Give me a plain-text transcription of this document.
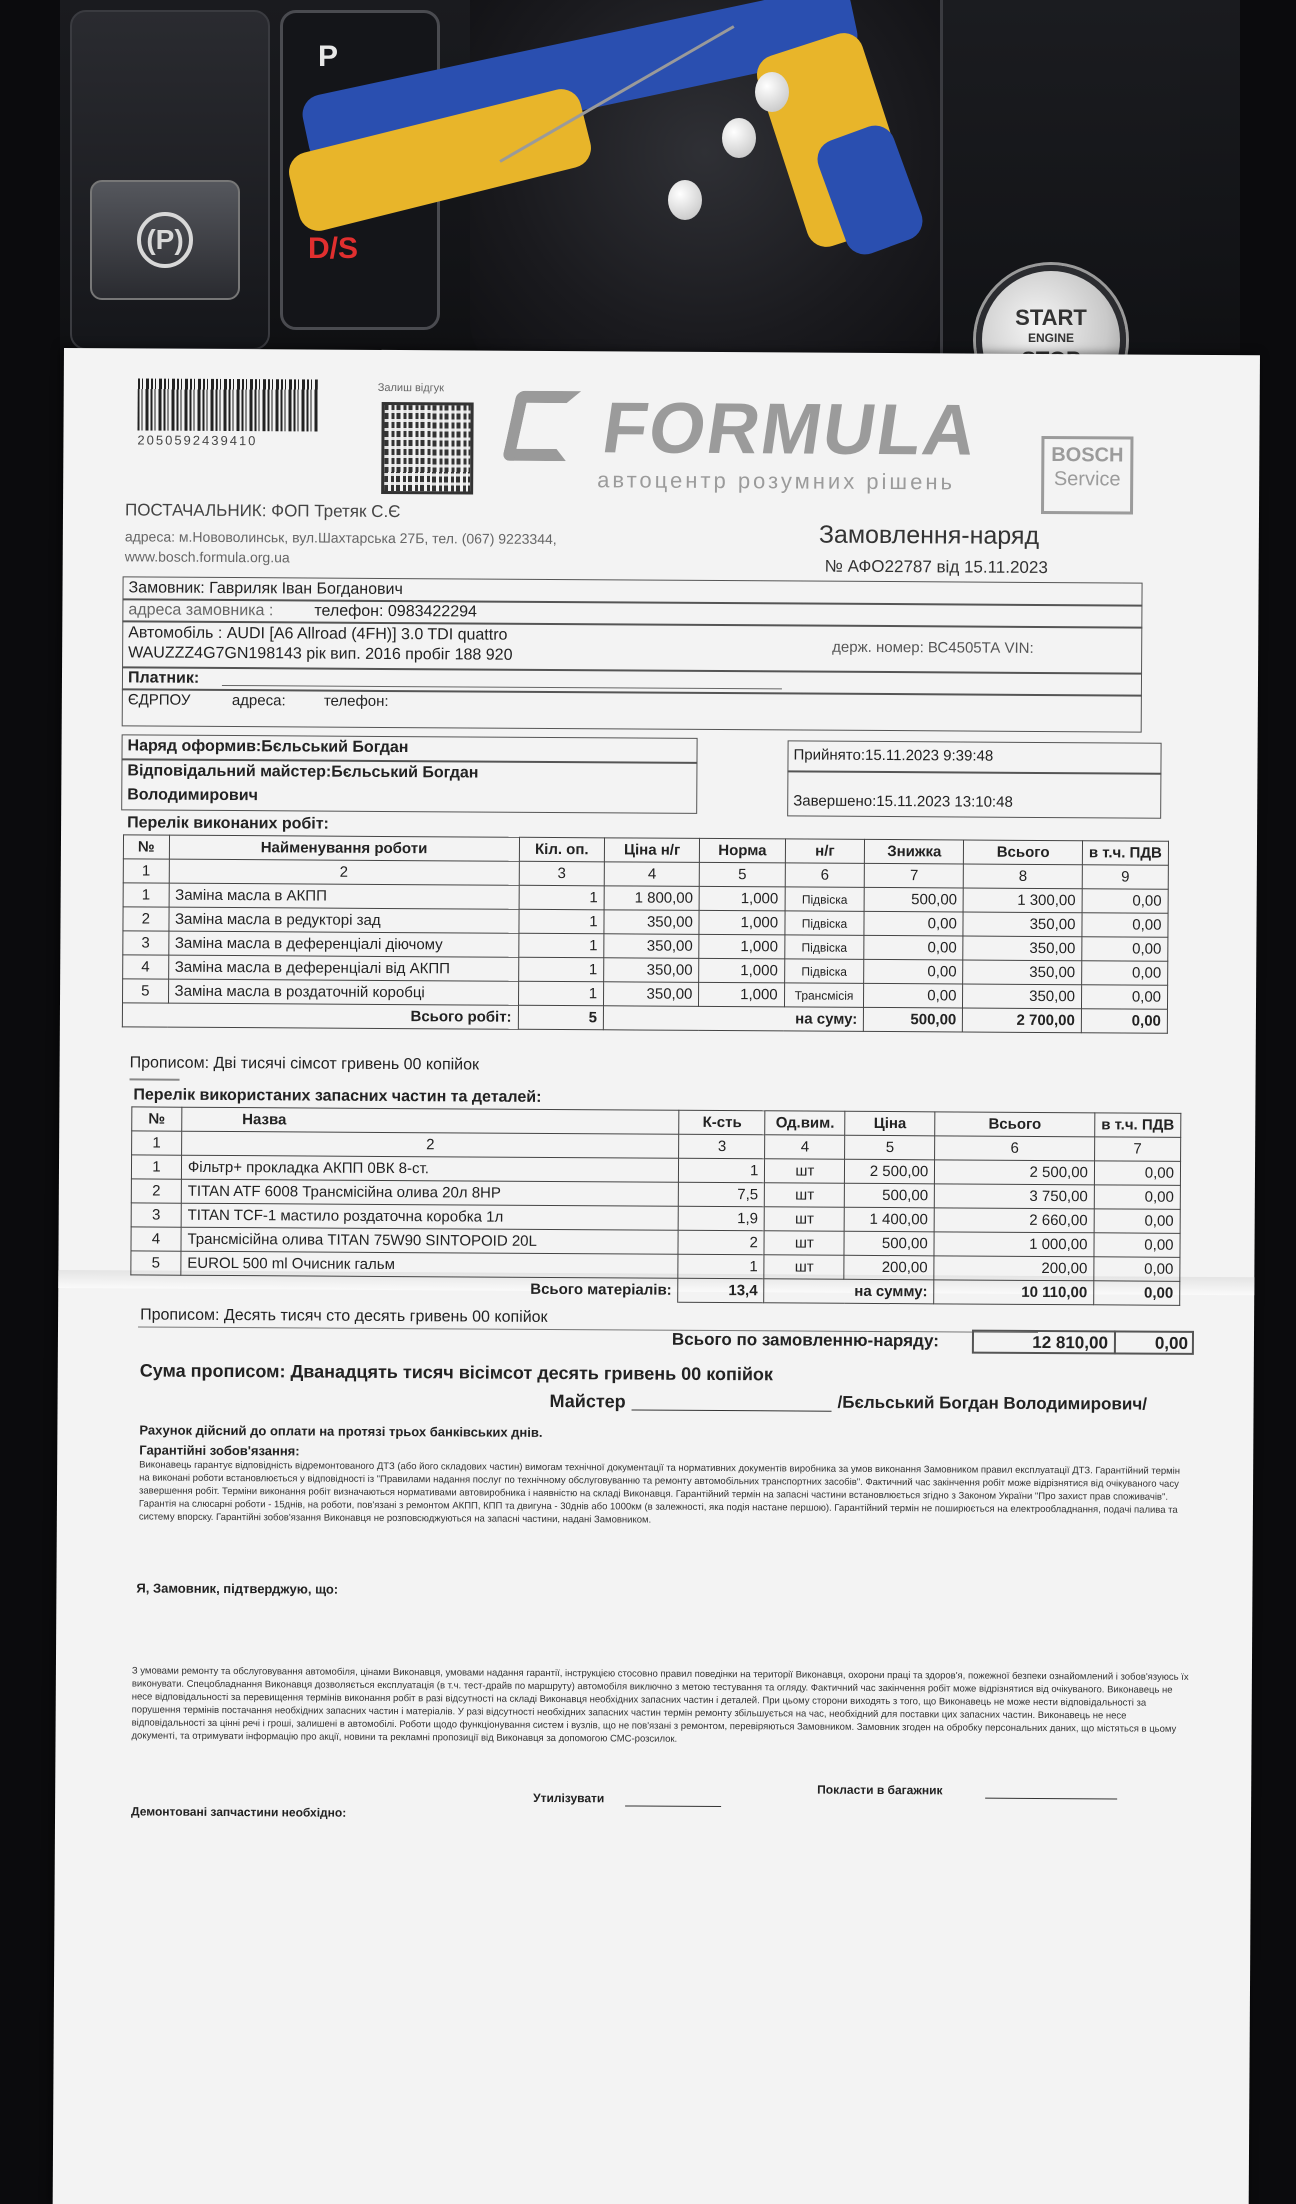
(P)
P
D/S
START
ENGINE
2050592439410
Залиш відгук
FORMULA
автоцентр розумних рішень
BOSCH
Service
ПОСТАЧАЛЬНИК: ФОП Третяк С.Є
адреса: м.Нововолинськ, вул.Шахтарська 27Б, тел. (067) 9223344,
www.bosch.formula.org.ua
Замовлення-наряд
№ АФО22787 від 15.11.2023
Замовник: Гавриляк Іван Богданович
адреса замовника :	телефон: 0983422294
Автомобіль : AUDI [A6 Allroad (4FH)] 3.0 TDI quattro
WAUZZZ4G7GN198143 рік вип. 2016 пробіг 188 920	держ. номер: ВС4505ТА VIN:
Платник:
ЄДРПОУ	адреса:	телефон:
Наряд оформив:Бєльський Богдан
Відповідальний майстер:Бєльський Богдан
Володимирович
Прийнято:15.11.2023 9:39:48
Завершено:15.11.2023 13:10:48
Перелік виконаних робіт:
№	Найменування роботи	Кіл. оп.	Ціна н/г	Норма	н/г	Знижка	Всього	в т.ч. ПДВ
1	2	3	4	5	6	7	8	9
1	Заміна масла в АКПП	1	1 800,00	1,000	Підвіска	500,00	1 300,00	0,00
2	Заміна масла в редукторі зад	1	350,00	1,000	Підвіска	0,00	350,00	0,00
3	Заміна масла в деференціалі діючому	1	350,00	1,000	Підвіска	0,00	350,00	0,00
4	Заміна масла в деференціалі від АКПП	1	350,00	1,000	Підвіска	0,00	350,00	0,00
5	Заміна масла в роздаточній коробці	1	350,00	1,000	Трансмісія	0,00	350,00	0,00
Всього робіт:		5	на суму:			500,00	2 700,00	0,00
Прописом: Дві тисячі сімсот гривень 00 копійок
Перелік використаних запасних частин та деталей:
№	Назва	К-сть	Од.вим.	Ціна	Всього	в т.ч. ПДВ
1	2	3	4	5	6	7
1	Фільтр+ прокладка АКПП 0ВК 8-ст.	1	шт	2 500,00	2 500,00	0,00
2	TITAN ATF 6008 Трансмісійна олива 20л 8HP	7,5	шт	500,00	3 750,00	0,00
3	TITAN TCF-1 мастило роздаточна коробка 1л	1,9	шт	1 400,00	2 660,00	0,00
4	Трансмісійна олива TITAN 75W90 SINTOPOID 20L	2	шт	500,00	1 000,00	0,00
5	EUROL 500 ml Очисник гальм	1	шт	200,00	200,00	0,00
Всього матеріалів:		13,4	на сумму:		10 110,00	0,00
Прописом: Десять тисяч сто десять гривень 00 копійок
Всього по замовленню-наряду:	12 810,00	0,00
Сума прописом: Дванадцять тисяч вісімсот десять гривень 00 копійок
Майстер	/Бєльський Богдан Володимирович/
Рахунок дійсний до оплати на протязі трьох банківських днів.
Гарантійні зобов'язання:
Виконавець гарантує відповідність відремонтованого ДТЗ (або його складових частин) вимогам технічної документації та нормативних документів виробника за умов виконання Замовником правил експлуатації ДТЗ. Гарантійний термін на виконані роботи встановлюється у відповідності із "Правилами надання послуг по технічному обслуговуванню та ремонту автомобільних транспортних засобів". Фактичний час закінчення робіт може відрізнятися від очікуваного часу завершення робіт. Терміни виконання робіт визначаються нормативами автовиробника і наявністю на складі Виконавця. Гарантійний термін на запасні частини встановлюється згідно з Законом України "Про захист прав споживачів". Гарантія на слюсарні роботи - 15днів, на роботи, пов'язані з ремонтом АКПП, КПП та двигуна - 30днів або 1000км (в залежності, яка подія настане першою). Гарантійний термін не поширюється на електрообладнання, подачі палива та систему впорску. Гарантійні зобов'язання Виконавця не розповсюджуються на запасні частини, надані Замовником.
Я, Замовник, підтверджую, що:
З умовами ремонту та обслуговування автомобіля, цінами Виконавця, умовами надання гарантії, інструкцією стосовно правил поведінки на території Виконавця, охорони праці та здоров'я, пожежної безпеки ознайомлений і зобов'язуюсь їх виконувати. Спецобладнання Виконавця дозволяється експлуатація (в т.ч. тест-драйв по маршруту) автомобіля виключно з метою тестування та огляду. Фактичний час закінчення робіт може відрізнятися від очікуваного. Виконавець не несе відповідальності за перевищення термінів виконання робіт в разі відсутності на складі Виконавця необхідних запасних частин і деталей. При цьому сторони виходять з того, що Виконавець не може нести відповідальності за порушення термінів постачання необхідних запасних частин і матеріалів. У разі відсутності необхідних запасних частин термін ремонту збільшується на час, необхідний для поставки цих запасних частин. Виконавець не несе відповідальності за цінні речі і гроші, залишені в автомобілі. Роботи щодо функціонування систем і вузлів, що не пов'язані з ремонтом, перевіряються Замовником. Замовник згоден на обробку персональних даних, що містяться в цьому документі, та отримувати інформацію про акції, новини та рекламні пропозиції від Виконавця за допомогою СМС-розсилок.
Утилізувати
Покласти в багажник
Демонтовані запчастини необхідно:
